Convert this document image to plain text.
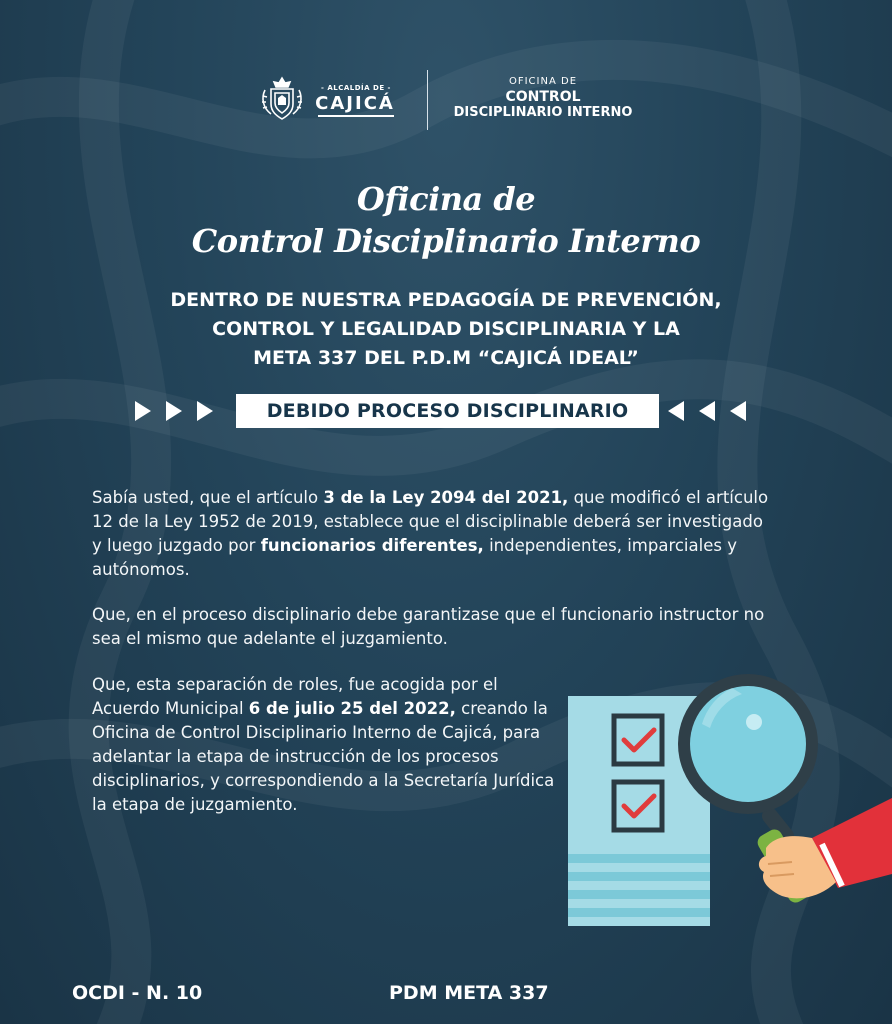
- ALCALDÍA DE -
CAJICÁ
OFICINA DE
CONTROL
DISCIPLINARIO INTERNO
Oficina de
Control Disciplinario Interno
DENTRO DE NUESTRA PEDAGOGÍA DE PREVENCIÓN,
CONTROL Y LEGALIDAD DISCIPLINARIA Y LA
META 337 DEL P.D.M “CAJICÁ IDEAL”
DEBIDO PROCESO DISCIPLINARIO
Sabía usted, que el artículo 3 de la Ley 2094 del 2021, que modificó el artículo 12 de la Ley 1952 de 2019, establece que el disciplinable deberá ser investigado y luego juzgado por funcionarios diferentes, independientes, imparciales y autónomos.
Que, en el proceso disciplinario debe garantizase que el funcionario instructor no sea el mismo que adelante el juzgamiento.
Que, esta separación de roles, fue acogida por el Acuerdo Municipal 6 de julio 25 del 2022, creando la Oficina de Control Disciplinario Interno de Cajicá, para adelantar la etapa de instrucción de los procesos disciplinarios, y correspondiendo a la Secretaría Jurídica la etapa de juzgamiento.
OCDI - N. 10	PDM META 337
